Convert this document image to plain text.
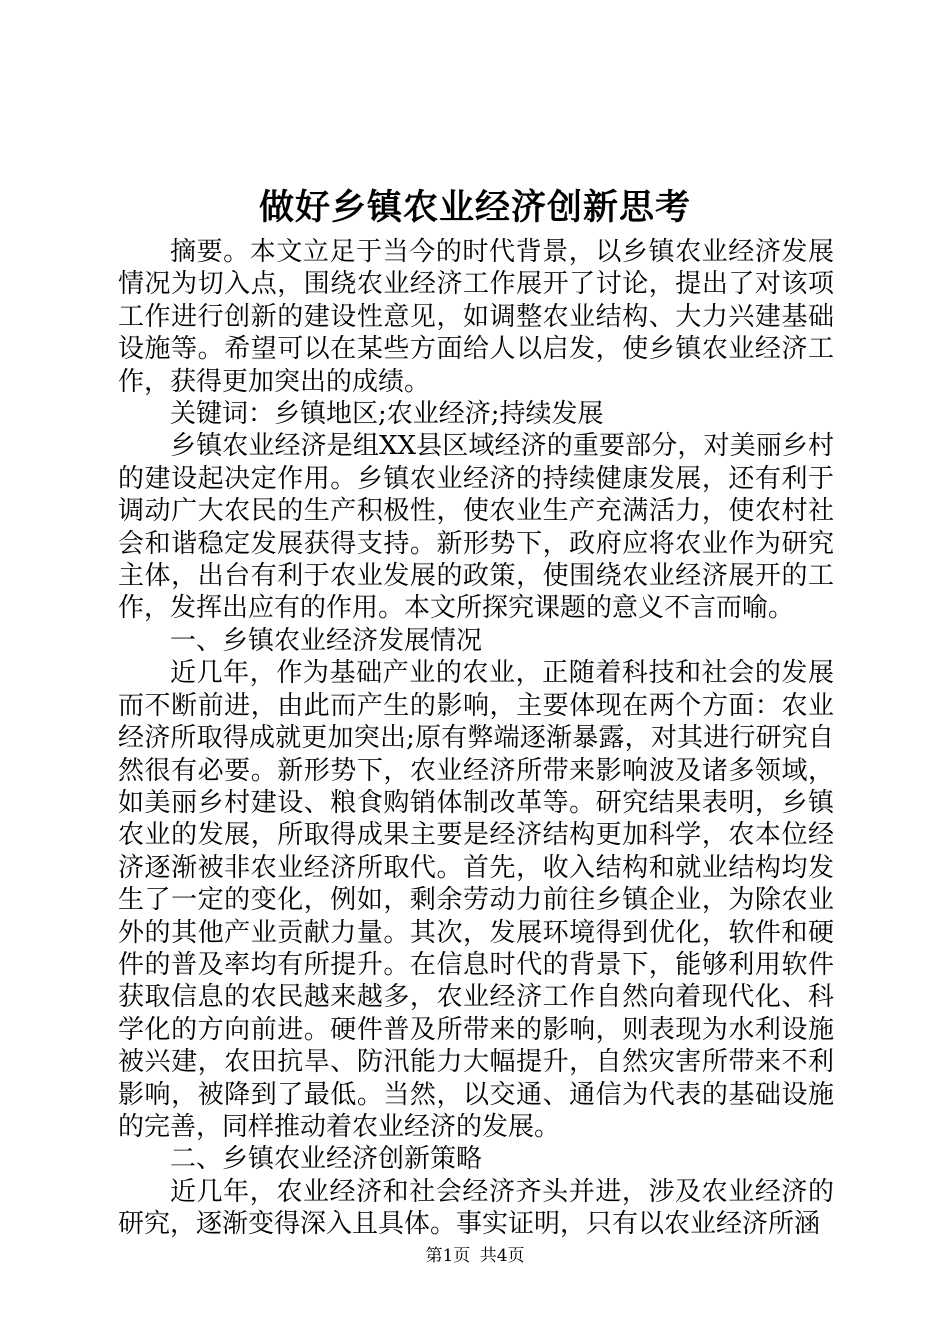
做好乡镇农业经济创新思考

摘要。本文立足于当今的时代背景，以乡镇农业经济发展情况为切入点，围绕农业经济工作展开了讨论，提出了对该项工作进行创新的建设性意见，如调整农业结构、大力兴建基础设施等。希望可以在某些方面给人以启发，使乡镇农业经济工作，获得更加突出的成绩。

关键词：乡镇地区;农业经济;持续发展

乡镇农业经济是组XX县区域经济的重要部分，对美丽乡村的建设起决定作用。乡镇农业经济的持续健康发展，还有利于调动广大农民的生产积极性，使农业生产充满活力，使农村社会和谐稳定发展获得支持。新形势下，政府应将农业作为研究主体，出台有利于农业发展的政策，使围绕农业经济展开的工作，发挥出应有的作用。本文所探究课题的意义不言而喻。

一、乡镇农业经济发展情况

近几年，作为基础产业的农业，正随着科技和社会的发展而不断前进，由此而产生的影响，主要体现在两个方面：农业经济所取得成就更加突出;原有弊端逐渐暴露，对其进行研究自然很有必要。新形势下，农业经济所带来影响波及诸多领域，如美丽乡村建设、粮食购销体制改革等。研究结果表明，乡镇农业的发展，所取得成果主要是经济结构更加科学，农本位经济逐渐被非农业经济所取代。首先，收入结构和就业结构均发生了一定的变化，例如，剩余劳动力前往乡镇企业，为除农业外的其他产业贡献力量。其次，发展环境得到优化，软件和硬件的普及率均有所提升。在信息时代的背景下，能够利用软件获取信息的农民越来越多，农业经济工作自然向着现代化、科学化的方向前进。硬件普及所带来的影响，则表现为水利设施被兴建，农田抗旱、防汛能力大幅提升，自然灾害所带来不利影响，被降到了最低。当然，以交通、通信为代表的基础设施的完善，同样推动着农业经济的发展。

二、乡镇农业经济创新策略

近几年，农业经济和社会经济齐头并进，涉及农业经济的研究，逐渐变得深入且具体。事实证明，只有以农业经济所涵

第1页 共4页
